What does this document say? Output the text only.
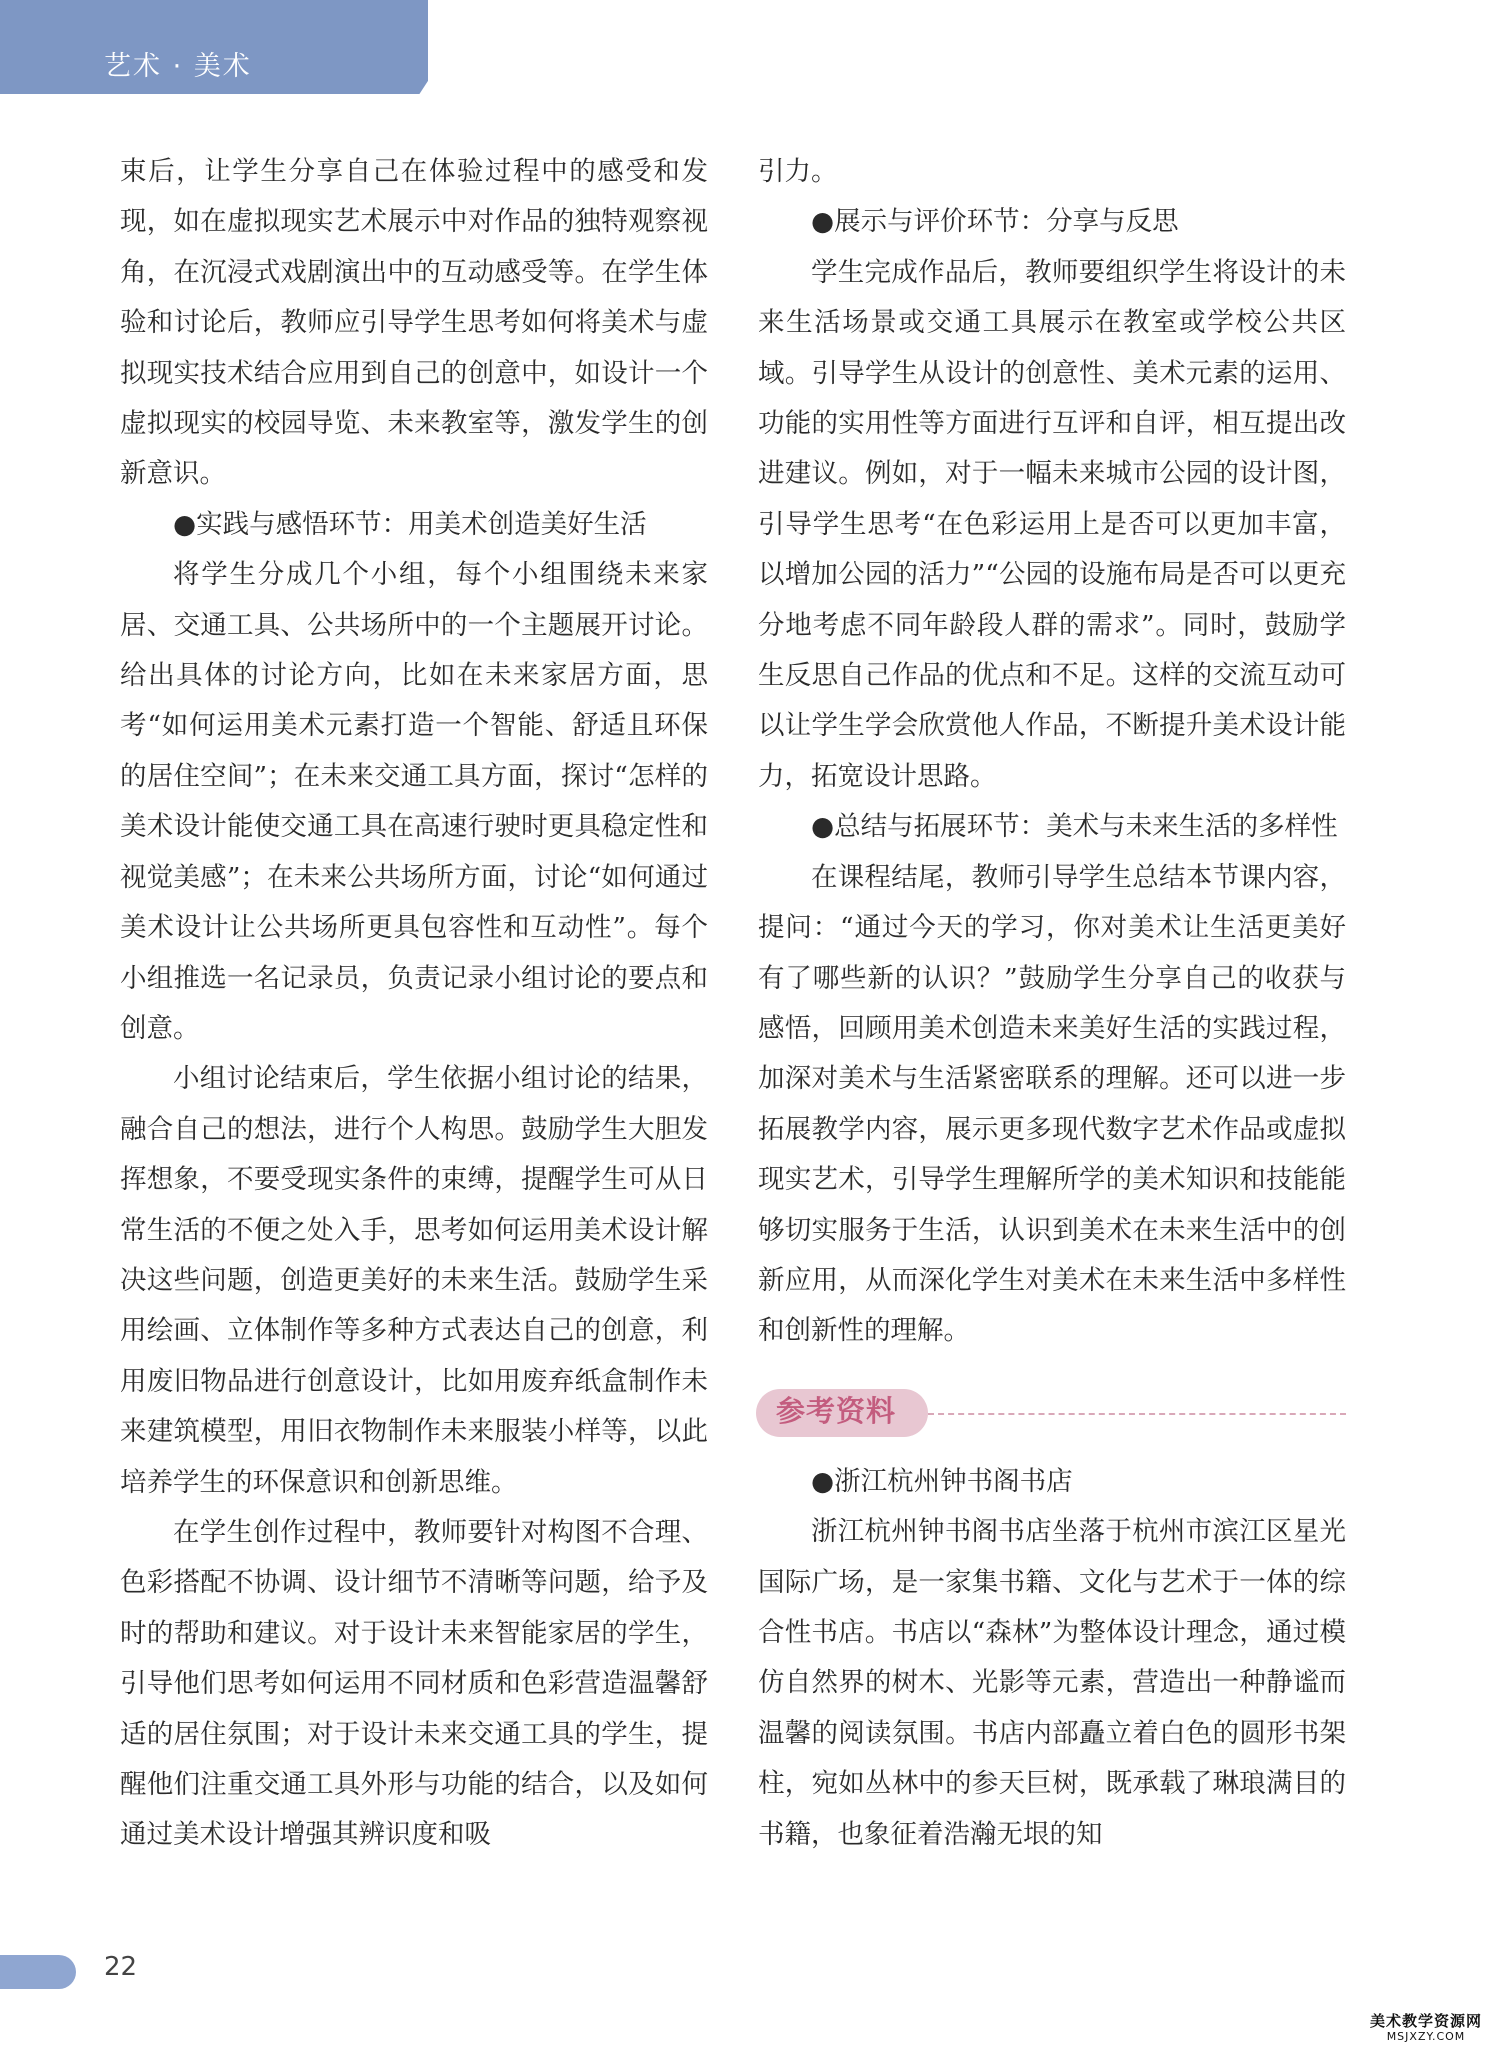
艺术 · 美术

束后，让学生分享自己在体验过程中的感受和发现，如在虚拟现实艺术展示中对作品的独特观察视角，在沉浸式戏剧演出中的互动感受等。在学生体验和讨论后，教师应引导学生思考如何将美术与虚拟现实技术结合应用到自己的创意中，如设计一个虚拟现实的校园导览、未来教室等，激发学生的创新意识。

●实践与感悟环节：用美术创造美好生活

将学生分成几个小组，每个小组围绕未来家居、交通工具、公共场所中的一个主题展开讨论。给出具体的讨论方向，比如在未来家居方面，思考“如何运用美术元素打造一个智能、舒适且环保的居住空间”；在未来交通工具方面，探讨“怎样的美术设计能使交通工具在高速行驶时更具稳定性和视觉美感”；在未来公共场所方面，讨论“如何通过美术设计让公共场所更具包容性和互动性”。每个小组推选一名记录员，负责记录小组讨论的要点和创意。

小组讨论结束后，学生依据小组讨论的结果，融合自己的想法，进行个人构思。鼓励学生大胆发挥想象，不要受现实条件的束缚，提醒学生可从日常生活的不便之处入手，思考如何运用美术设计解决这些问题，创造更美好的未来生活。鼓励学生采用绘画、立体制作等多种方式表达自己的创意，利用废旧物品进行创意设计，比如用废弃纸盒制作未来建筑模型，用旧衣物制作未来服装小样等，以此培养学生的环保意识和创新思维。

在学生创作过程中，教师要针对构图不合理、色彩搭配不协调、设计细节不清晰等问题，给予及时的帮助和建议。对于设计未来智能家居的学生，引导他们思考如何运用不同材质和色彩营造温馨舒适的居住氛围；对于设计未来交通工具的学生，提醒他们注重交通工具外形与功能的结合，以及如何通过美术设计增强其辨识度和吸

引力。

●展示与评价环节：分享与反思

学生完成作品后，教师要组织学生将设计的未来生活场景或交通工具展示在教室或学校公共区域。引导学生从设计的创意性、美术元素的运用、功能的实用性等方面进行互评和自评，相互提出改进建议。例如，对于一幅未来城市公园的设计图，引导学生思考“在色彩运用上是否可以更加丰富，以增加公园的活力”“公园的设施布局是否可以更充分地考虑不同年龄段人群的需求”。同时，鼓励学生反思自己作品的优点和不足。这样的交流互动可以让学生学会欣赏他人作品，不断提升美术设计能力，拓宽设计思路。

●总结与拓展环节：美术与未来生活的多样性

在课程结尾，教师引导学生总结本节课内容，提问：“通过今天的学习，你对美术让生活更美好有了哪些新的认识？”鼓励学生分享自己的收获与感悟，回顾用美术创造未来美好生活的实践过程，加深对美术与生活紧密联系的理解。还可以进一步拓展教学内容，展示更多现代数字艺术作品或虚拟现实艺术，引导学生理解所学的美术知识和技能能够切实服务于生活，认识到美术在未来生活中的创新应用，从而深化学生对美术在未来生活中多样性和创新性的理解。

参考资料

●浙江杭州钟书阁书店

浙江杭州钟书阁书店坐落于杭州市滨江区星光国际广场，是一家集书籍、文化与艺术于一体的综合性书店。书店以“森林”为整体设计理念，通过模仿自然界的树木、光影等元素，营造出一种静谧而温馨的阅读氛围。书店内部矗立着白色的圆形书架柱，宛如丛林中的参天巨树，既承载了琳琅满目的书籍，也象征着浩瀚无垠的知

22
美术教学资源网
MSJXZY.COM
